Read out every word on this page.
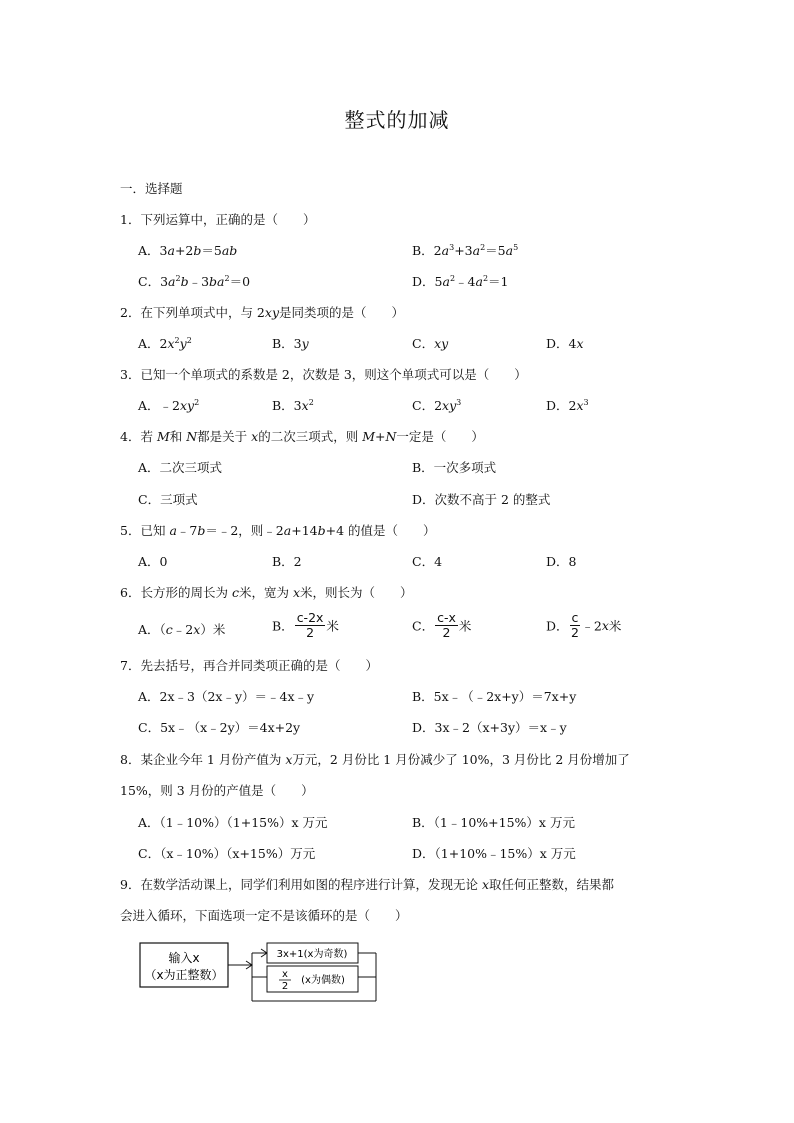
整式的加减
一．选择题
1．下列运算中，正确的是（　　）
A．3a+2b＝5ab	B．$2a^3+3a^2=5a^5$
C．$3a^2b﹣3ba^2=0$	D．$5a^2﹣4a^2=1$
2．在下列单项式中，与 2xy是同类项的是（　　）
A．$2x^2y^2$	B．3y	C．xy	D．4x
3．已知一个单项式的系数是 2，次数是 3，则这个单项式可以是（　　）
A．$﹣2xy^2$	B．$3x^2$	C．$2xy^3$	D．$2x^3$
4．若 M和 N都是关于 x的二次三项式，则 M+N一定是（　　）
A．二次三项式	B．一次多项式
C．三项式	D．次数不高于 2 的整式
5．已知 a﹣7b＝﹣2，则﹣2a+14b+4 的值是（　　）
A．0	B．2	C．4	D．8
6．长方形的周长为 c米，宽为 x米，则长为（　　）
A．（c﹣2x）米	B． $\frac{c-2x}{2}$ 米	C． $\frac{c-x}{2}$ 米	D． $\frac{c}{2}$ ﹣2x米
7．先去括号，再合并同类项正确的是（　　）
A．2x﹣3（2x﹣y）＝﹣4x﹣y	B．5x﹣（﹣2x+y）＝7x+y
C．5x﹣（x﹣2y）＝4x+2y	D．3x﹣2（x+3y）＝x﹣y
8．某企业今年 1 月份产值为 x万元，2 月份比 1 月份减少了 10%，3 月份比 2 月份增加了
15%，则 3 月份的产值是（　　）
A．（1﹣10%）（1+15%）x 万元	B．（1﹣10%+15%）x 万元
C．（x﹣10%）（x+15%）万元	D．（1+10%﹣15%）x 万元
9．在数学活动课上，同学们利用如图的程序进行计算，发现无论 x取任何正整数，结果都
会进入循环，下面选项一定不是该循环的是（　　）
输入x
（x为正整数）
3x+1(x为奇数)
x
2
(x为偶数)
